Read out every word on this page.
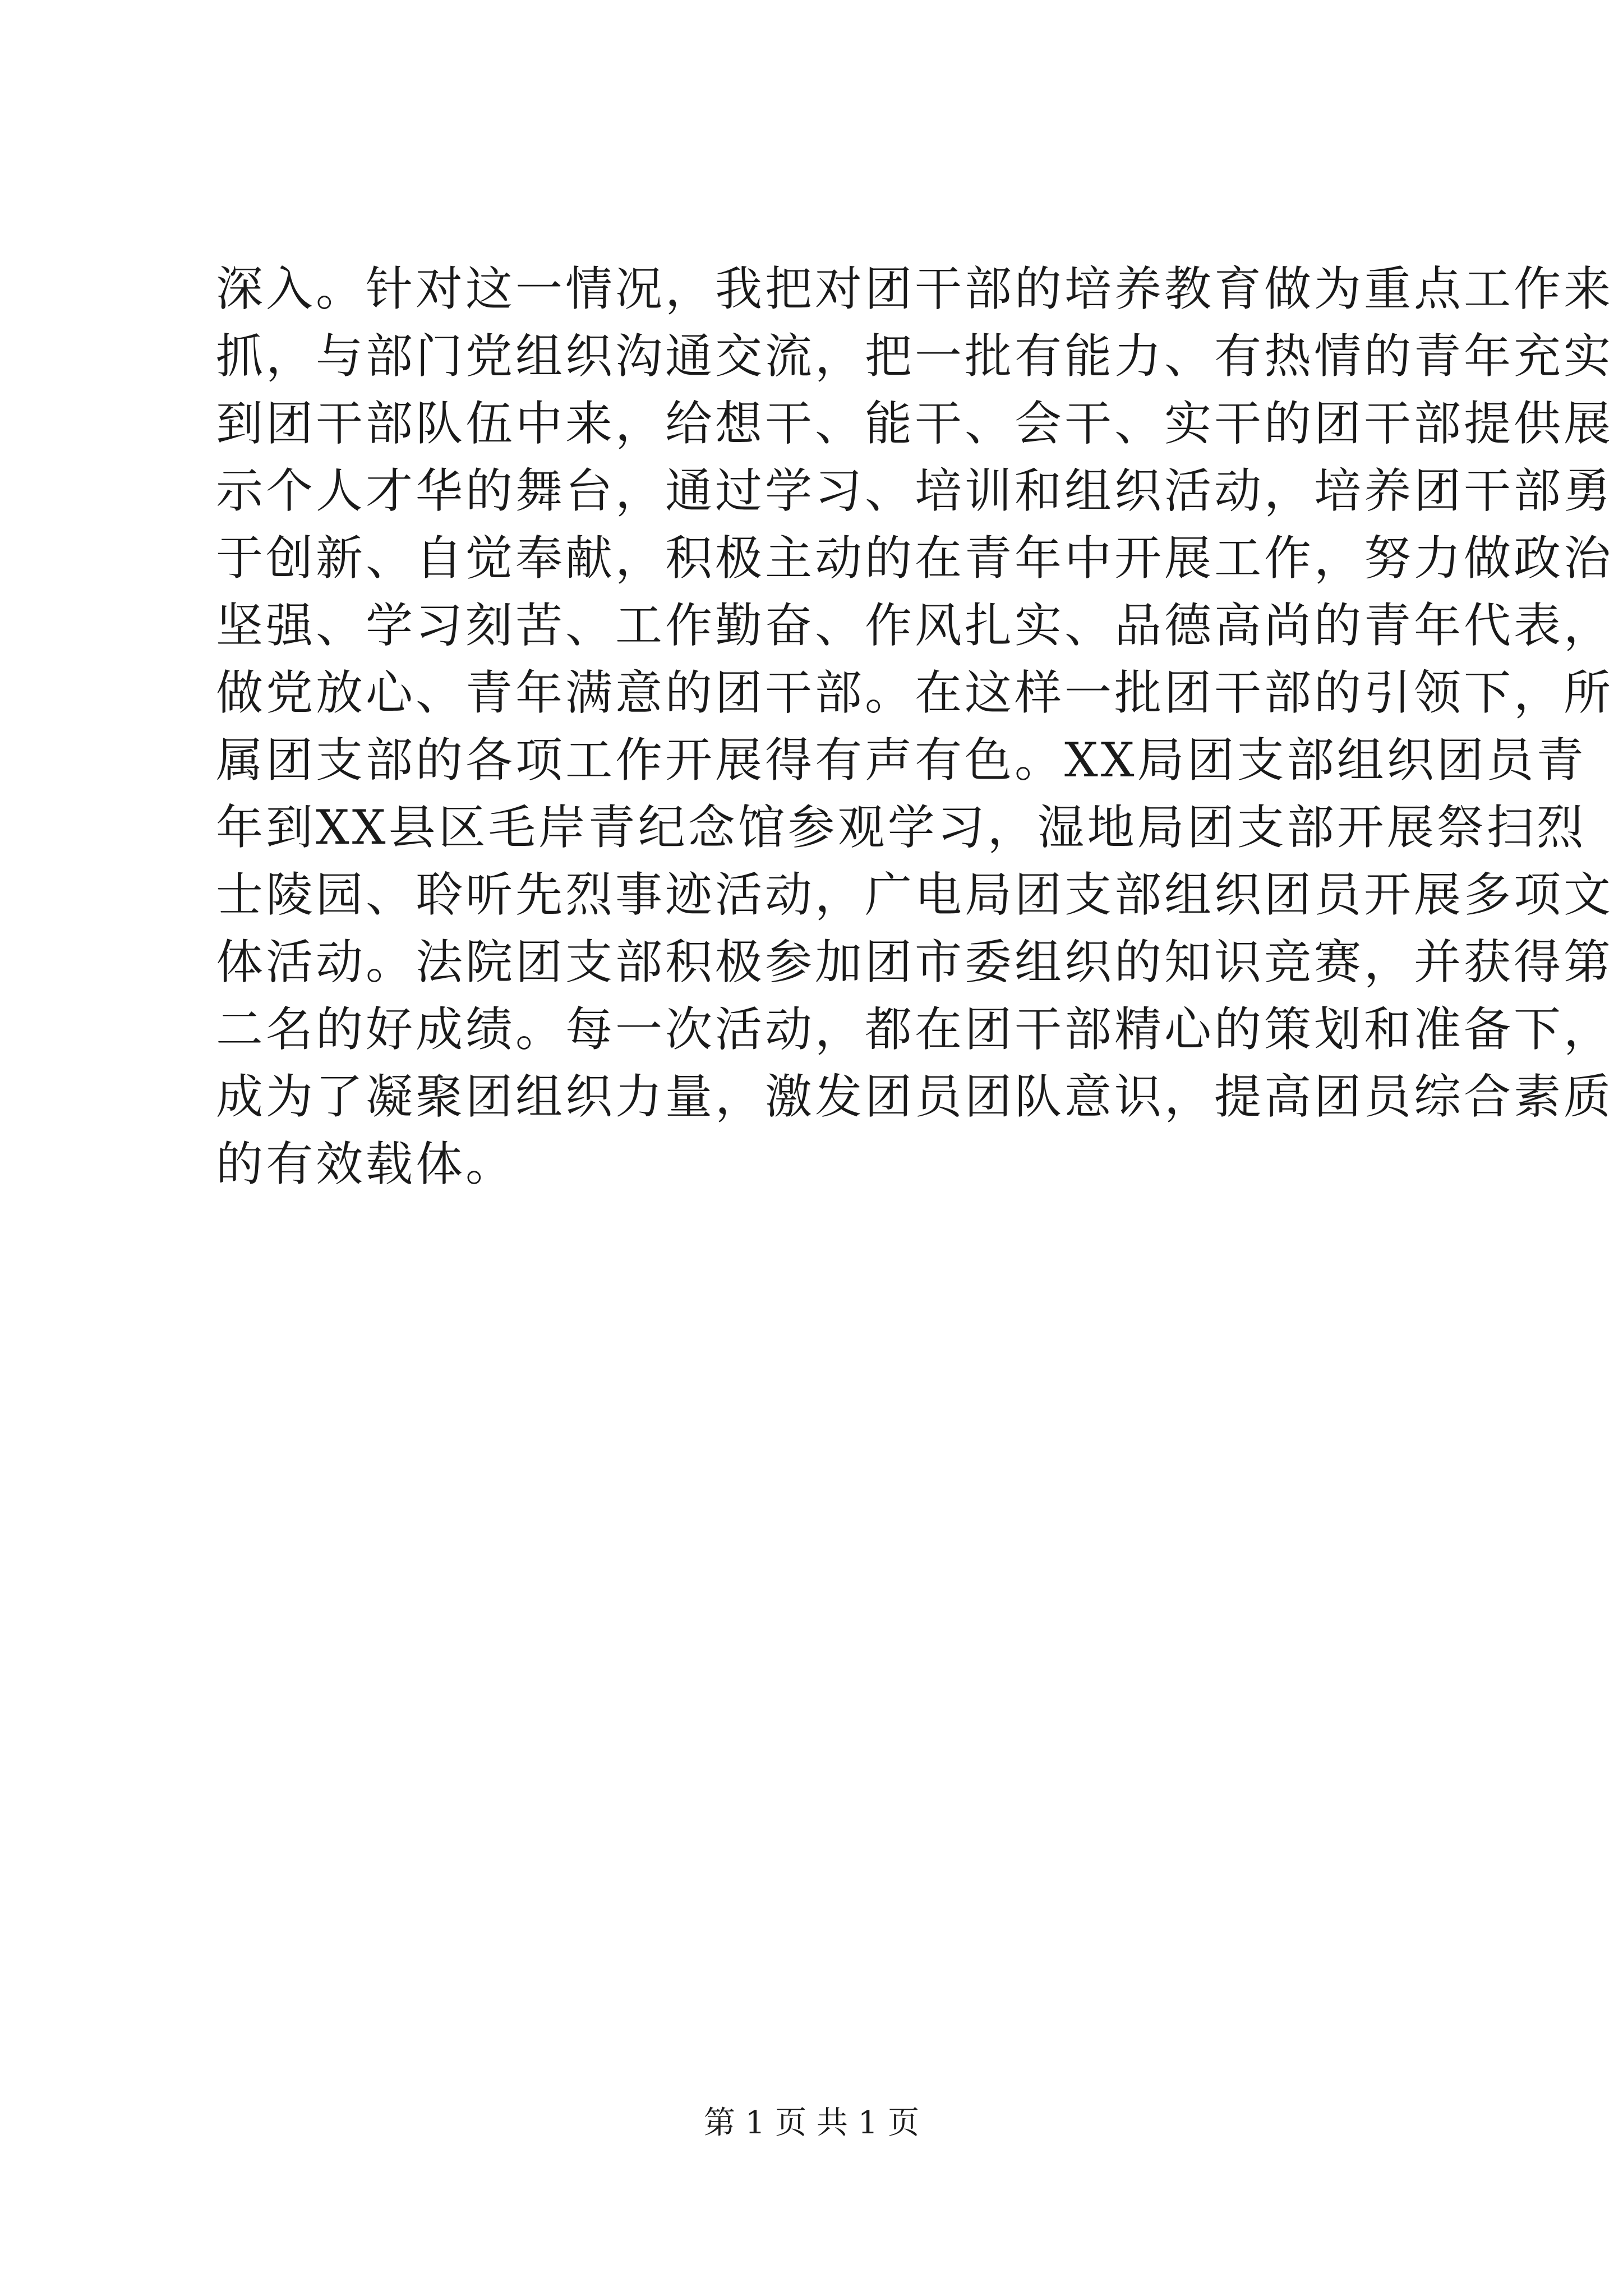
深入。针对这一情况，我把对团干部的培养教育做为重点工作来
抓，与部门党组织沟通交流，把一批有能力、有热情的青年充实
到团干部队伍中来，给想干、能干、会干、实干的团干部提供展
示个人才华的舞台，通过学习、培训和组织活动，培养团干部勇
于创新、自觉奉献，积极主动的在青年中开展工作，努力做政治
坚强、学习刻苦、工作勤奋、作风扎实、品德高尚的青年代表，
做党放心、青年满意的团干部。在这样一批团干部的引领下，所
属团支部的各项工作开展得有声有色。XX局团支部组织团员青
年到XX县区毛岸青纪念馆参观学习，湿地局团支部开展祭扫烈
士陵园、聆听先烈事迹活动，广电局团支部组织团员开展多项文
体活动。法院团支部积极参加团市委组织的知识竞赛，并获得第
二名的好成绩。每一次活动，都在团干部精心的策划和准备下，
成为了凝聚团组织力量，激发团员团队意识，提高团员综合素质
的有效载体。
第 1 页 共 1 页
